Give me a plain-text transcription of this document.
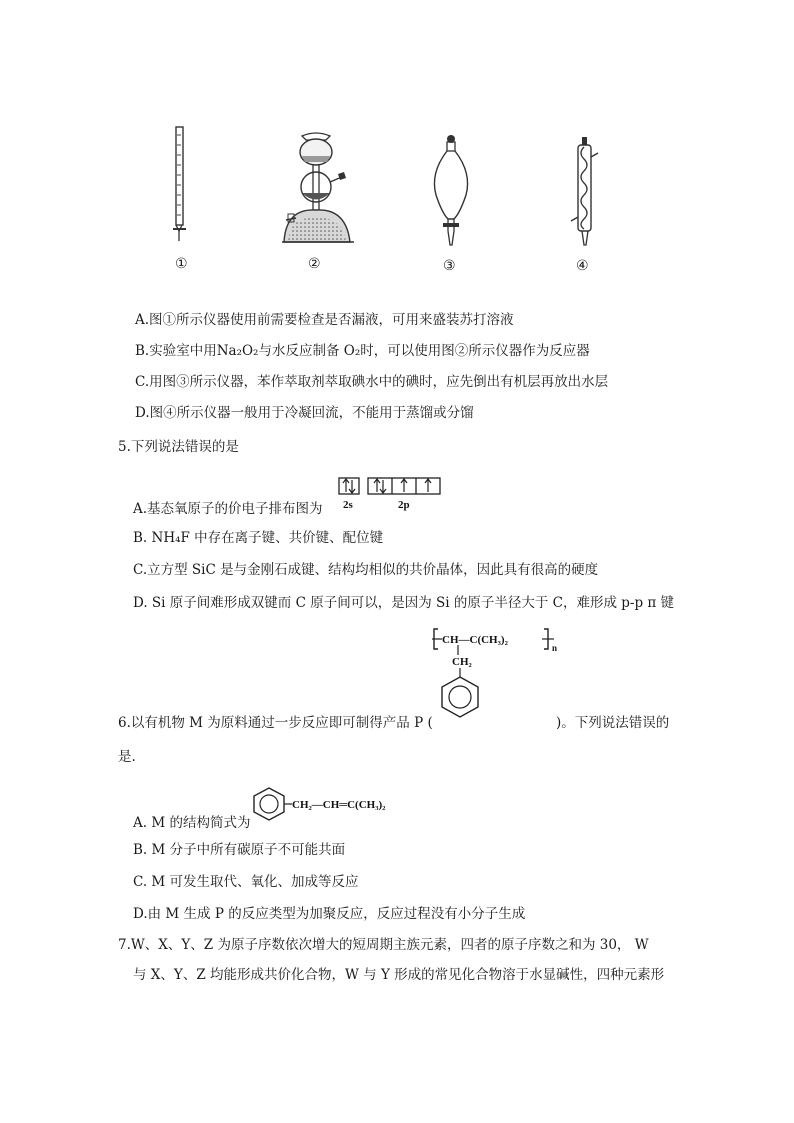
①	②	③	④
A.图①所示仪器使用前需要检查是否漏液，可用来盛装苏打溶液
B.实验室中用Na₂O₂与水反应制备 O₂时，可以使用图②所示仪器作为反应器
C.用图③所示仪器，苯作萃取剂萃取碘水中的碘时，应先倒出有机层再放出水层
D.图④所示仪器一般用于冷凝回流，不能用于蒸馏或分馏
5.下列说法错误的是
2s	2p
A.基态氧原子的价电子排布图为
B. NH₄F 中存在离子键、共价键、配位键
C.立方型 SiC 是与金刚石成键、结构均相似的共价晶体，因此具有很高的硬度
D. Si 原子间难形成双键而 C 原子间可以，是因为 Si 的原子半径大于 C，难形成 p-p π 键
CH—C(CH₃)₂
n
CH₂
6.以有机物 M 为原料通过一步反应即可制得产品 P (	)。下列说法错误的
是.
CH₂—CH═C(CH₃)₂
A. M 的结构简式为
B. M 分子中所有碳原子不可能共面
C. M 可发生取代、氧化、加成等反应
D.由 M 生成 P 的反应类型为加聚反应，反应过程没有小分子生成
7.W、X、Y、Z 为原子序数依次增大的短周期主族元素，四者的原子序数之和为 30， W
与 X、Y、Z 均能形成共价化合物，W 与 Y 形成的常见化合物溶于水显碱性，四种元素形
